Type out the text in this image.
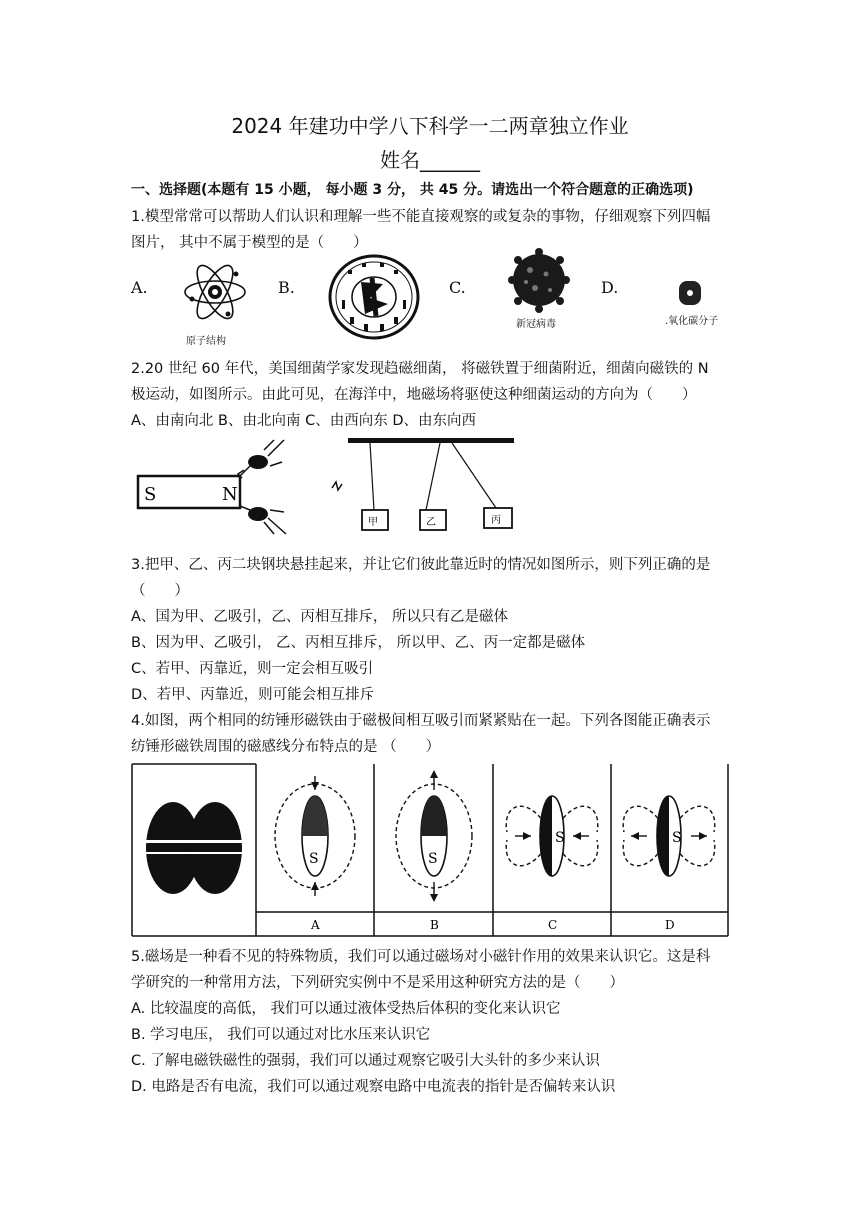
2024 年建功中学八下科学一二两章独立作业
姓名______
一、选择题(本题有 15 小题， 每小题 3 分， 共 45 分。请选出一个符合题意的正确选项)
1.模型常常可以帮助人们认识和理解一些不能直接观察的或复杂的事物，仔细观察下列四幅
图片， 其中不属于模型的是（　　）
A.	B.	C.	D.
原子结构
新冠病毒	.氧化碳分子
2.20 世纪 60 年代，美国细菌学家发现趋磁细菌， 将磁铁置于细菌附近，细菌向磁铁的 N
极运动，如图所示。由此可见，在海洋中，地磁场将驱使这种细菌运动的方向为（　　）
A、由南向北 B、由北向南 C、由西向东 D、由东向西
S	N
甲	乙	丙
3.把甲、乙、丙二块钢块悬挂起来，并让它们彼此靠近时的情况如图所示，则下列正确的是
（　　）
A、国为甲、乙吸引，乙、丙相互排斥， 所以只有乙是磁体
B、因为甲、乙吸引， 乙、丙相互排斥， 所以甲、乙、丙一定都是磁体
C、若甲、丙靠近，则一定会相互吸引
D、若甲、丙靠近，则可能会相互排斥
4.如图，两个相同的纺锤形磁铁由于磁极间相互吸引而紧紧贴在一起。下列各图能正确表示
纺锤形磁铁周围的磁感线分布特点的是 （　　）
S	S
S	S
A	B	C	D
5.磁场是一种看不见的特殊物质，我们可以通过磁场对小磁针作用的效果来认识它。这是科
学研究的一种常用方法，下列研究实例中不是采用这种研究方法的是（　　）
A. 比较温度的高低， 我们可以通过液体受热后体积的变化来认识它
B. 学习电压， 我们可以通过对比水压来认识它
C. 了解电磁铁磁性的强弱，我们可以通过观察它吸引大头针的多少来认识
D. 电路是否有电流，我们可以通过观察电路中电流表的指针是否偏转来认识
